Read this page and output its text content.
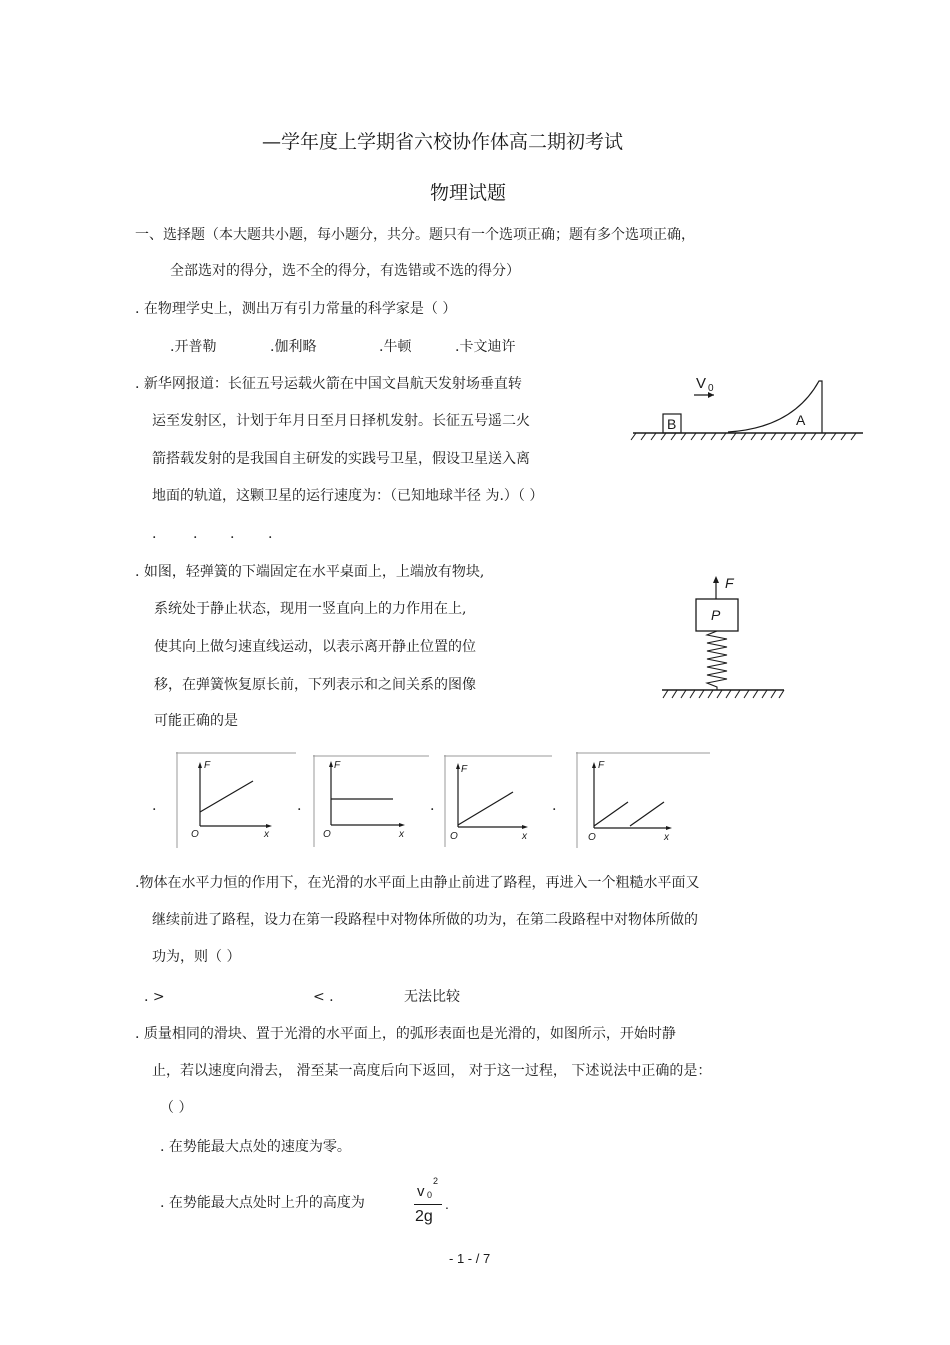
—学年度上学期省六校协作体高二期初考试
物理试题
一、选择题（本大题共小题，每小题分，共分。题只有一个选项正确；题有多个选项正确，
全部选对的得分，选不全的得分，有选错或不选的得分）
. 在物理学史上，测出万有引力常量的科学家是（ ）
.开普勒	.伽利略	.牛顿	.卡文迪许
. 新华网报道：长征五号运载火箭在中国文昌航天发射场垂直转
运至发射区，计划于年月日至月日择机发射。长征五号遥二火
箭搭载发射的是我国自主研发的实践号卫星，假设卫星送入离
地面的轨道，这颗卫星的运行速度为：（已知地球半径 为.）（ ）
.	. . .
V 0
B	A
. 如图，轻弹簧的下端固定在水平桌面上，上端放有物块,
系统处于静止状态，现用一竖直向上的力作用在上,
使其向上做匀速直线运动，以表示离开静止位置的位
移，在弹簧恢复原长前，下列表示和之间关系的图像
可能正确的是
F
P
.	.	.	.
F
x
O
F
x
O
F
x
O
F
x
O
.物体在水平力恒的作用下，在光滑的水平面上由静止前进了路程，再进入一个粗糙水平面又
继续前进了路程，设力在第一段路程中对物体所做的功为，在第二段路程中对物体所做的
功为，则（ ）
. >	< .	无法比较
. 质量相同的滑块、置于光滑的水平面上，的弧形表面也是光滑的，如图所示，开始时静
止，若以速度向滑去， 滑至某一高度后向下返回， 对于这一过程， 下述说法中正确的是：
（ ）
. 在势能最大点处的速度为零。
. 在势能最大点处时上升的高度为
v 0
2
2g
.
- 1 - / 7
